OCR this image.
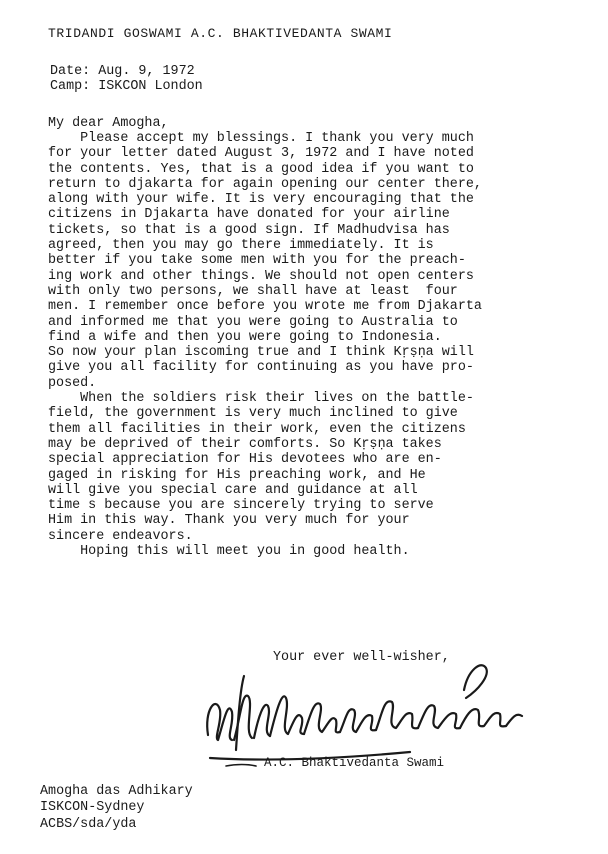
TRIDANDI GOSWAMI A.C. BHAKTIVEDANTA SWAMI
Date: Aug. 9, 1972
Camp: ISKCON London
My dear Amogha,
Please accept my blessings. I thank you very much
for your letter dated August 3, 1972 and I have noted
the contents. Yes, that is a good idea if you want to
return to djakarta for again opening our center there,
along with your wife. It is very encouraging that the
citizens in Djakarta have donated for your airline
tickets, so that is a good sign. If Madhudvisa has
agreed, then you may go there immediately. It is
better if you take some men with you for the preach-
ing work and other things. We should not open centers
with only two persons, we shall have at least  four
men. I remember once before you wrote me from Djakarta
and informed me that you were going to Australia to
find a wife and then you were going to Indonesia.
So now your plan iscoming true and I think Kṛṣṇa will
give you all facility for continuing as you have pro-
posed.
When the soldiers risk their lives on the battle-
field, the government is very much inclined to give
them all facilities in their work, even the citizens
may be deprived of their comforts. So Kṛṣṇa takes
special appreciation for His devotees who are en-
gaged in risking for His preaching work, and He
will give you special care and guidance at all
time s because you are sincerely trying to serve
Him in this way. Thank you very much for your
sincere endeavors.
Hoping this will meet you in good health.
Your ever well-wisher,
A.C. Bhaktivedanta Swami
Amogha das Adhikary
ISKCON-Sydney
ACBS/sda/yda
